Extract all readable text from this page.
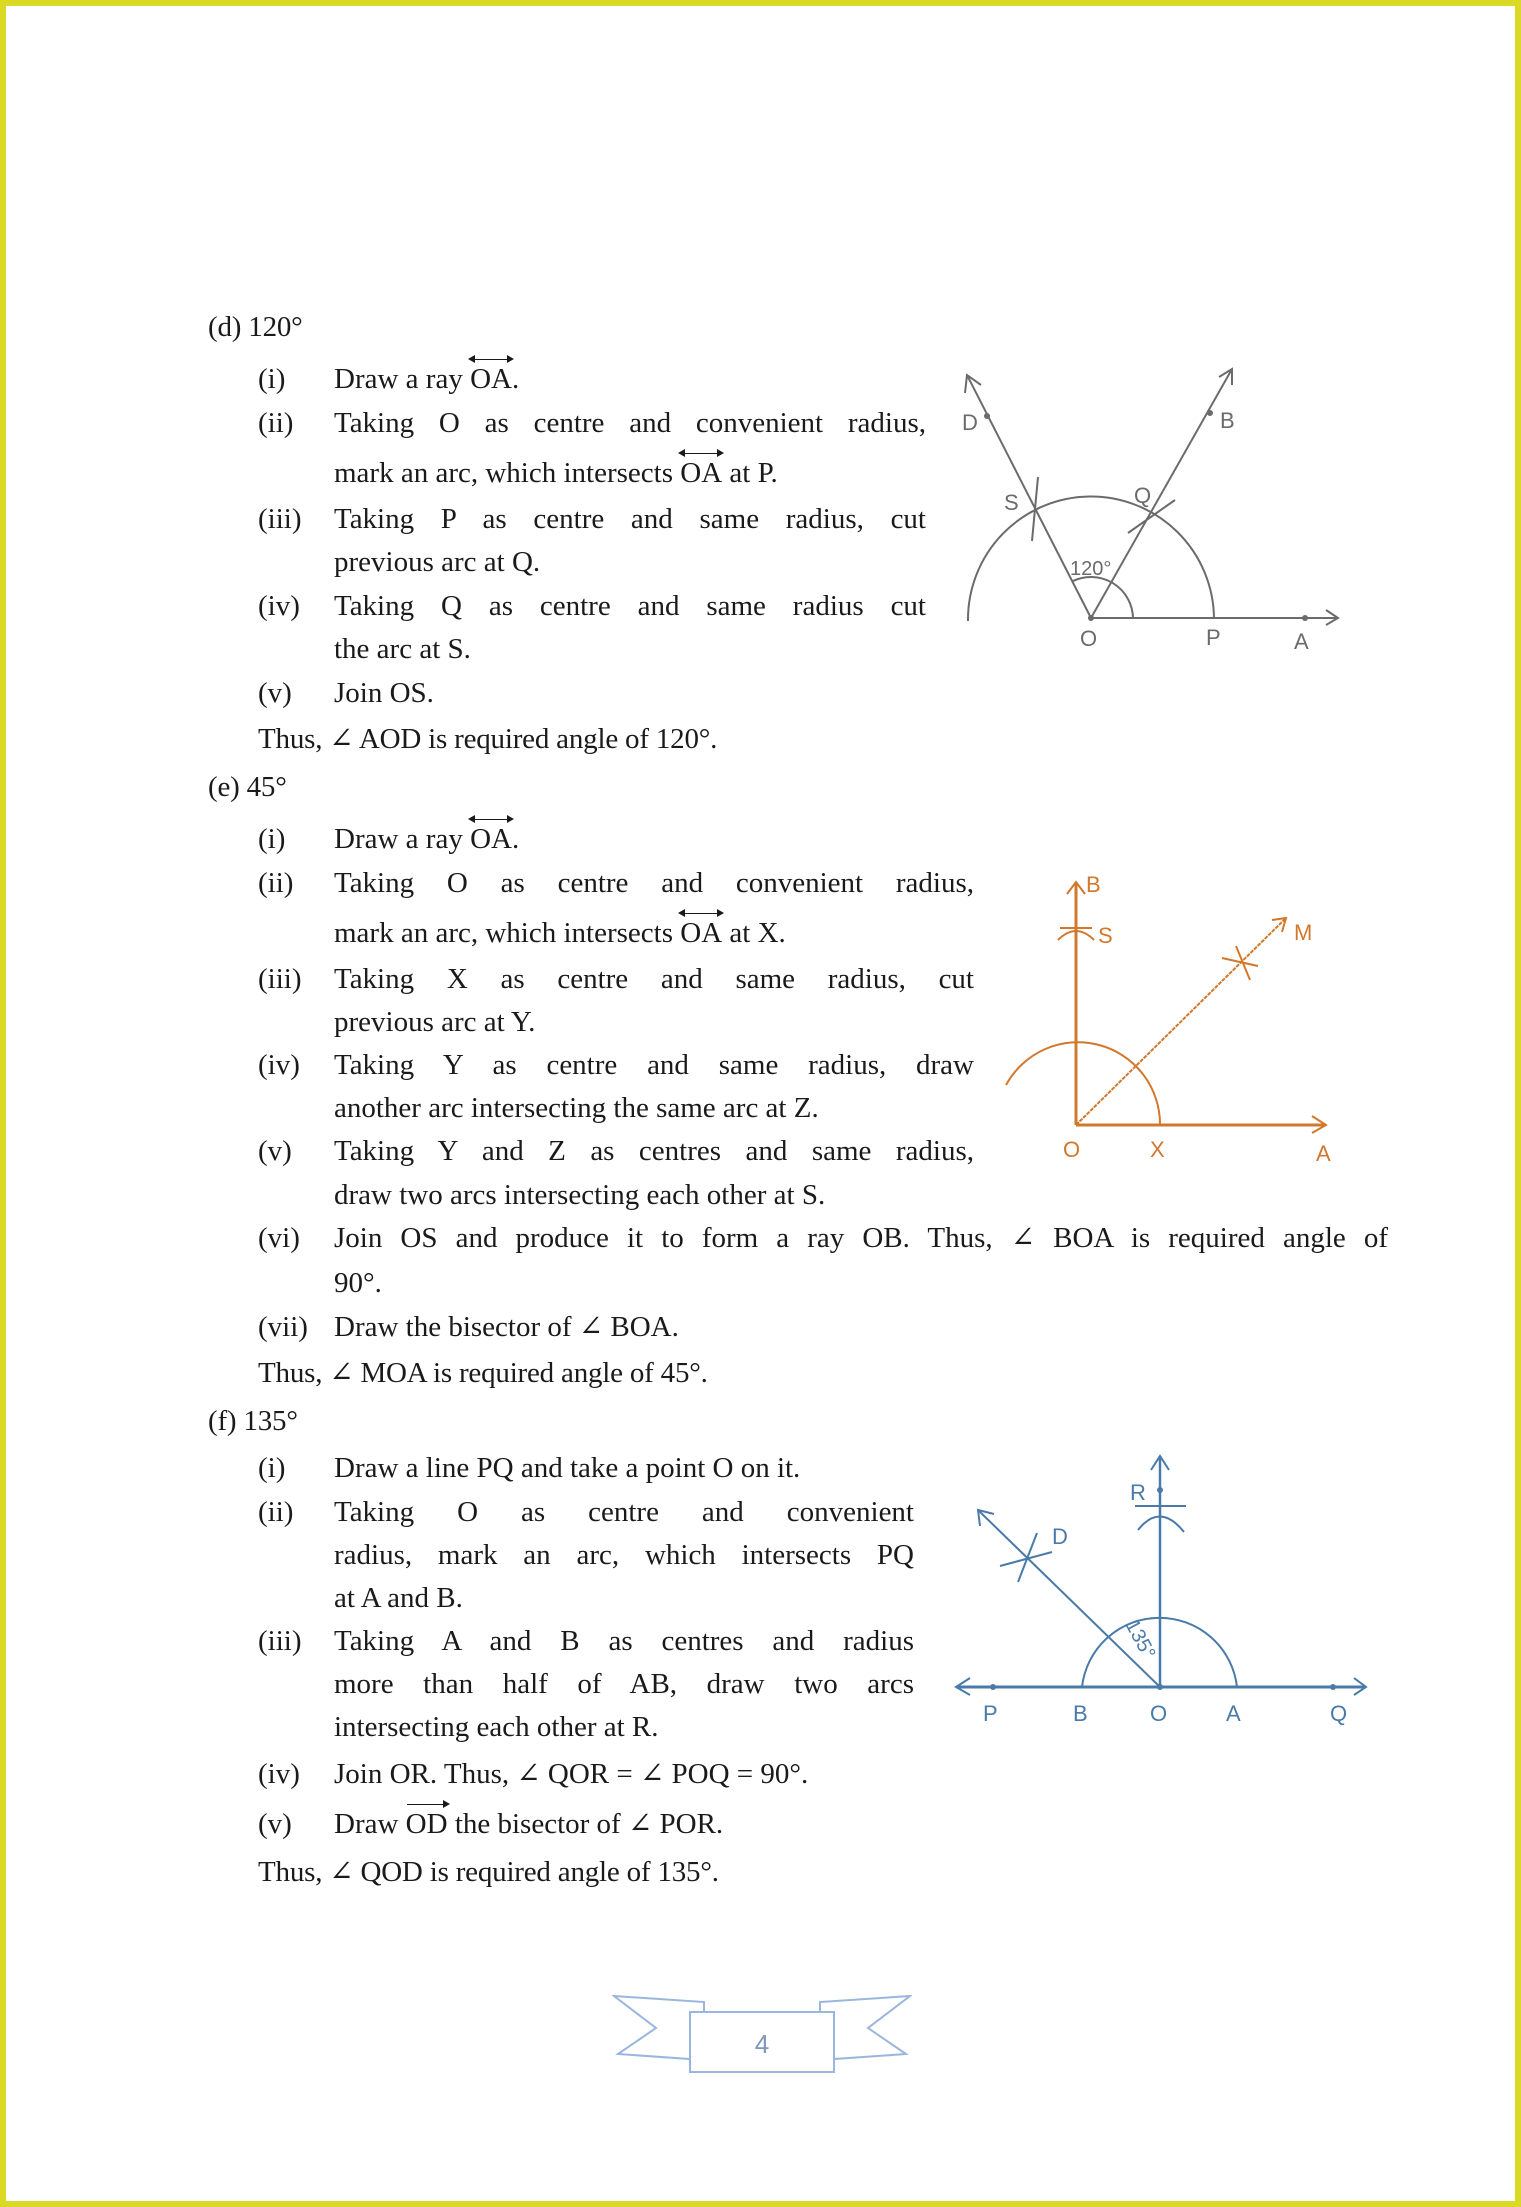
(d) 120°
(i) Draw a ray
OA.
(ii) Taking O as centre and convenient radius,
mark an arc, which intersects
OA at P.
(iii) Taking P as centre and same radius, cut
previous arc at Q.
(iv) Taking Q as centre and same radius cut
the arc at S.
(v) Join OS.
Thus, ∠ AOD is required angle of 120°.
D	B
S	Q
120°
O	P	A
(e) 45°
(i) Draw a ray
OA.
(ii) Taking O as centre and convenient radius,
mark an arc, which intersects
OA at X.
(iii) Taking X as centre and same radius, cut
previous arc at Y.
(iv) Taking Y as centre and same radius, draw
another arc intersecting the same arc at Z.
(v) Taking Y and Z as centres and same radius,
draw two arcs intersecting each other at S.
(vi) Join OS and produce it to form a ray OB. Thus, ∠ BOA is required angle of
90°.
(vii) Draw the bisector of ∠ BOA.
Thus, ∠ MOA is required angle of 45°.
B
S	M
O	X	A
(f) 135°
(i) Draw a line PQ and take a point O on it.
(ii) Taking O as centre and convenient
radius, mark an arc, which intersects PQ
at A and B.
(iii) Taking A and B as centres and radius
more than half of AB, draw two arcs
intersecting each other at R.
(iv) Join OR. Thus, ∠ QOR = ∠ POQ = 90°.
(v) Draw
OD the bisector of ∠ POR.
Thus, ∠ QOD is required angle of 135°.
R
D
P	B	O	A	Q
135°
4
